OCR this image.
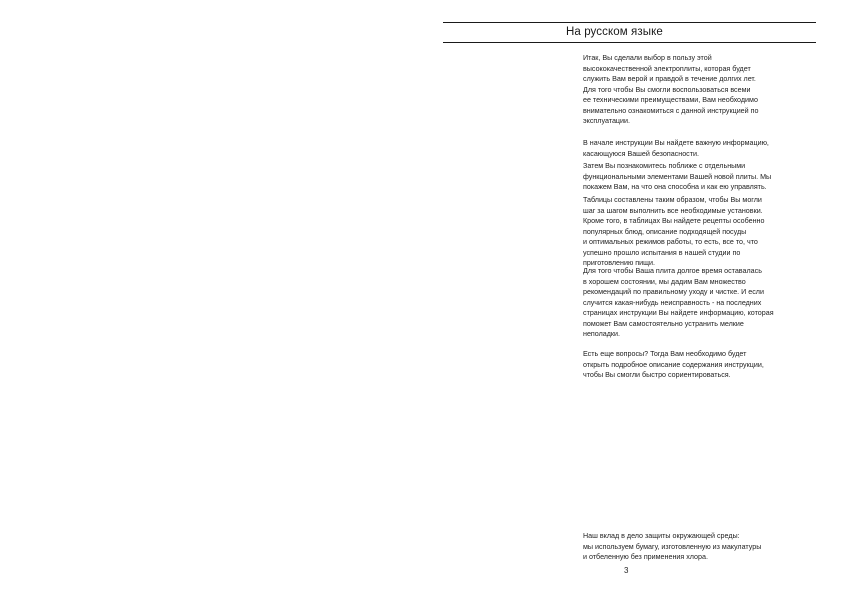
На русском языке

Итак, Вы сделали выбор в пользу этой
высококачественной электроплиты, которая будет
служить Вам верой и правдой в течение долгих лет.
Для того чтобы Вы смогли воспользоваться всеми
ее техническими преимуществами, Вам необходимо
внимательно ознакомиться с данной инструкцией по
эксплуатации.

В начале инструкции Вы найдете важную информацию,
касающуюся Вашей безопасности.

Затем Вы познакомитесь поближе с отдельными
функциональными элементами Вашей новой плиты. Мы
покажем Вам, на что она способна и как ею управлять.

Таблицы составлены таким образом, чтобы Вы могли
шаг за шагом выполнить все необходимые установки.
Кроме того, в таблицах Вы найдете рецепты особенно
популярных блюд, описание подходящей посуды
и оптимальных режимов работы, то есть, все то, что
успешно прошло испытания в нашей студии по
приготовлению пищи.

Для того чтобы Ваша плита долгое время оставалась
в хорошем состоянии, мы дадим Вам множество
рекомендаций по правильному уходу и чистке. И если
случится какая-нибудь неисправность - на последних
страницах инструкции Вы найдете информацию, которая
поможет Вам самостоятельно устранить мелкие
неполадки.

Есть еще вопросы? Тогда Вам необходимо будет
открыть подробное описание содержания инструкции,
чтобы Вы смогли быстро сориентироваться.

Наш вклад в дело защиты окружающей среды:
мы используем бумагу, изготовленную из макулатуры
и отбеленную без применения хлора.

3
